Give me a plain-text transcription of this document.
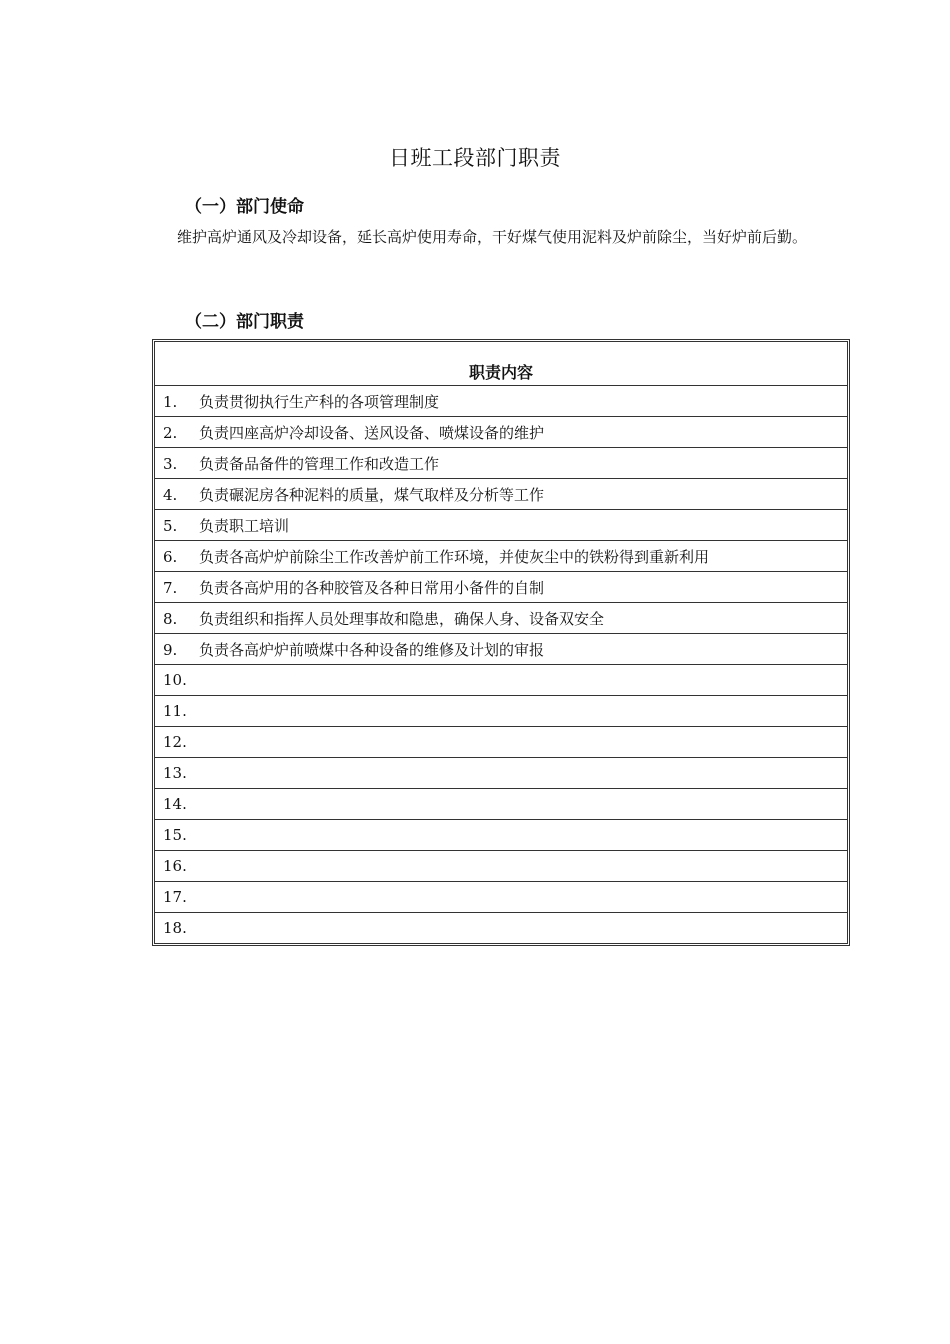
日班工段部门职责
（一）部门使命
维护高炉通风及冷却设备，延长高炉使用寿命，干好煤气使用泥料及炉前除尘，当好炉前后勤。
（二）部门职责
职责内容
1. 负责贯彻执行生产科的各项管理制度
2. 负责四座高炉冷却设备、送风设备、喷煤设备的维护
3. 负责备品备件的管理工作和改造工作
4. 负责碾泥房各种泥料的质量，煤气取样及分析等工作
5. 负责职工培训
6. 负责各高炉炉前除尘工作改善炉前工作环境，并使灰尘中的铁粉得到重新利用
7. 负责各高炉用的各种胶管及各种日常用小备件的自制
8. 负责组织和指挥人员处理事故和隐患，确保人身、设备双安全
9. 负责各高炉炉前喷煤中各种设备的维修及计划的审报
10.
11.
12.
13.
14.
15.
16.
17.
18.
